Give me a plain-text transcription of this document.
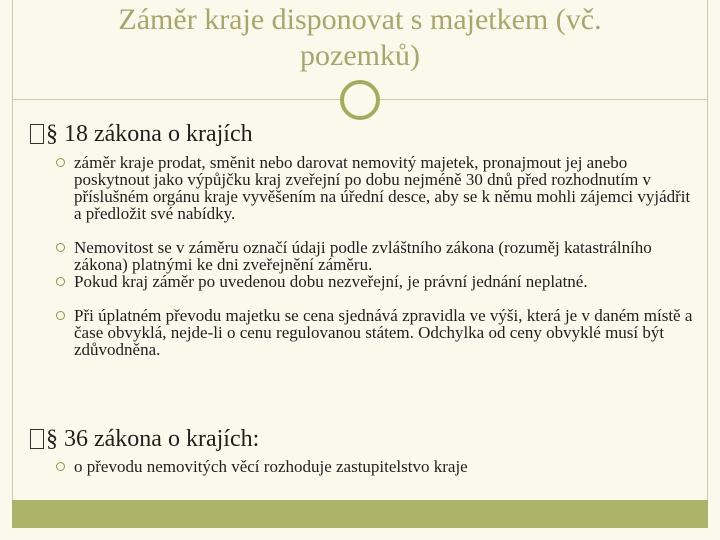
Záměr kraje disponovat s majetkem (vč.
pozemků)
§ 18 zákona o krajích
záměr kraje prodat, směnit nebo darovat nemovitý majetek, pronajmout jej anebo poskytnout jako výpůjčku kraj zveřejní po dobu nejméně 30 dnů před rozhodnutím v příslušném orgánu kraje vyvěšením na úřední desce, aby se k němu mohli zájemci vyjádřit a předložit své nabídky.
Nemovitost se v záměru označí údaji podle zvláštního zákona (rozuměj katastrálního zákona) platnými ke dni zveřejnění záměru.
Pokud kraj záměr po uvedenou dobu nezveřejní, je právní jednání neplatné.
Při úplatném převodu majetku se cena sjednává zpravidla ve výši, která je v daném místě a čase obvyklá, nejde-li o cenu regulovanou státem. Odchylka od ceny obvyklé musí být zdůvodněna.
§ 36 zákona o krajích:
o převodu nemovitých věcí rozhoduje zastupitelstvo kraje
